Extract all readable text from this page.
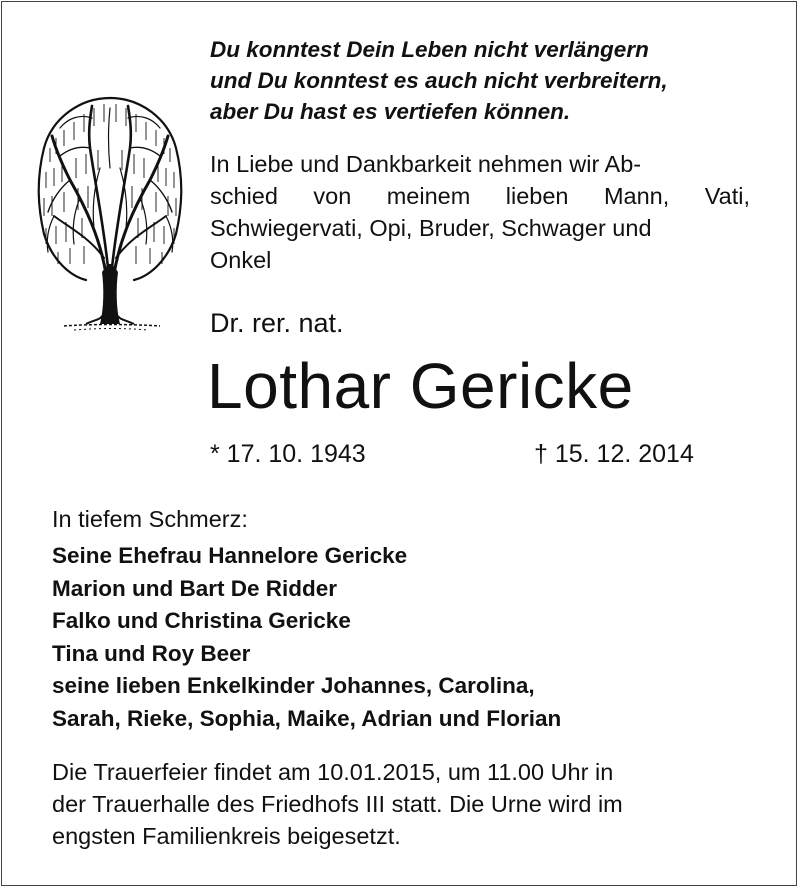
Du konntest Dein Leben nicht verlängern
und Du konntest es auch nicht verbreitern,
aber Du hast es vertiefen können.
In Liebe und Dankbarkeit nehmen wir Ab-
schied von meinem lieben Mann, Vati,
Schwiegervati, Opi, Bruder, Schwager und
Onkel
Dr. rer. nat.
Lothar Gericke
* 17. 10. 1943	† 15. 12. 2014
In tiefem Schmerz:
Seine Ehefrau Hannelore Gericke
Marion und Bart De Ridder
Falko und Christina Gericke
Tina und Roy Beer
seine lieben Enkelkinder Johannes, Carolina,
Sarah, Rieke, Sophia, Maike, Adrian und Florian
Die Trauerfeier findet am 10.01.2015, um 11.00 Uhr in
der Trauerhalle des Friedhofs III statt. Die Urne wird im
engsten Familienkreis beigesetzt.
